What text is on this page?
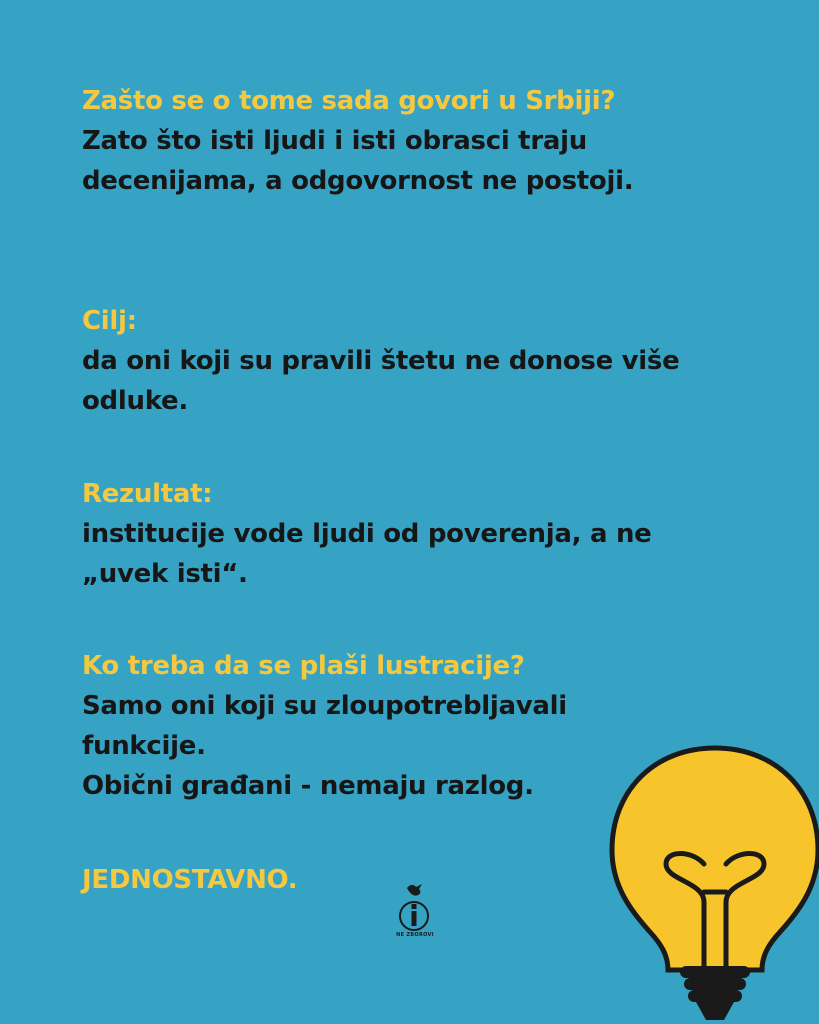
Zašto se o tome sada govori u Srbiji?
Zato što isti ljudi i isti obrasci traju
decenijama, a odgovornost ne postoji.
Cilj:
da oni koji su pravili štetu ne donose više
odluke.
Rezultat:
institucije vode ljudi od poverenja, a ne
„uvek isti“.
Ko treba da se plaši lustracije?
Samo oni koji su zloupotrebljavali
funkcije.
Obični građani - nemaju razlog.
JEDNOSTAVNO.
NE ZBOROVI
